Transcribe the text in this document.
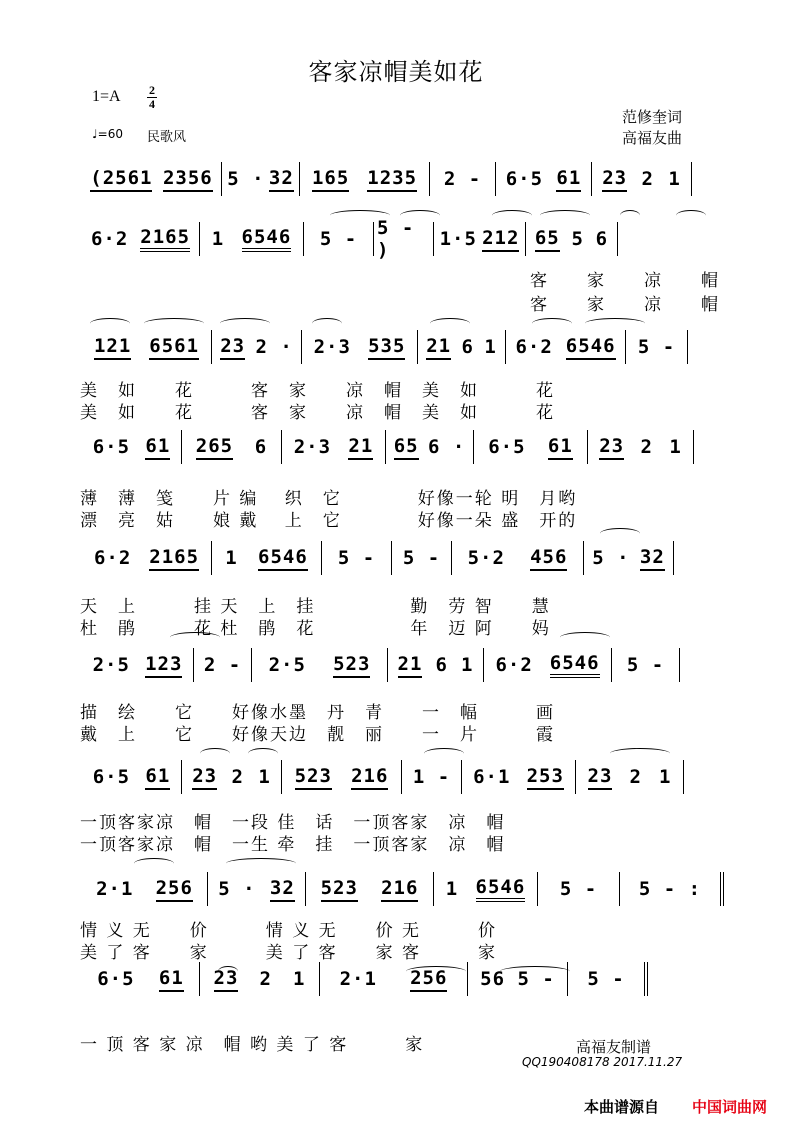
客家凉帽美如花
1=A 2
4
♩=60 民歌风
范修奎词
高福友曲
(2561 2356 5 · 32 165 1235 2 - 6·5 61 23 2 1
6·2 2165 1 6546 5 - 5 - )	1·5 212 65 5 6
121 6561 23 2 · 2·3 535 21 6 1 6·2 6546 5 -
6·5 61 265 6 2·3 21 65 6 · 6·5 61 23 2 1
6·2 2165 1 6546 5 - 5 - 5·2 456 5 · 32
2·5 123 2 - 2·5 523 21 6 1 6·2 6546 5 -
6·5 61 23 2 1 523 216 1 - 6·1 253 23 2 1
2·1 256 5 · 32 523 216 1 6546 5 - 5 - :
6·5 61 23 2 1 2·1 256 56 5 - 5 -
客　　家　　凉　　帽
客　　家　　凉　　帽
美　如　　花　　　客　家　　凉　帽　美　如　　　花
美　如　　花　　　客　家　　凉　帽　美　如　　　花
薄　薄　笺　　片 编　 织　它　　　　好像一轮 明　月哟
漂　亮　姑　　娘 戴　 上　它　　　　好像一朵 盛　开的
天　上　　　挂 天　上　挂　　　　　勤　劳 智　　慧
杜　鹃　　　花 杜　鹃　花　　　　　年　迈 阿　　妈
描　绘　　它　　好像水墨　丹　青　　一　幅　　　画
戴　上　　它　　好像天边　靓　丽　　一　片　　　霞
一顶客家凉　帽　一段 佳　话　一顶客家　凉　帽
一顶客家凉　帽　一生 牵　挂　一顶客家　凉　帽
情 义 无　　价　　　情 义 无　　价 无　　　价
美 了 客　　家　　　美 了 客　　家 客　　　家
一 顶 客 家 凉　帽 哟 美 了 客　　　家	高福友制谱
QQ190408178 2017.11.27
本曲谱源自 中国词曲网
